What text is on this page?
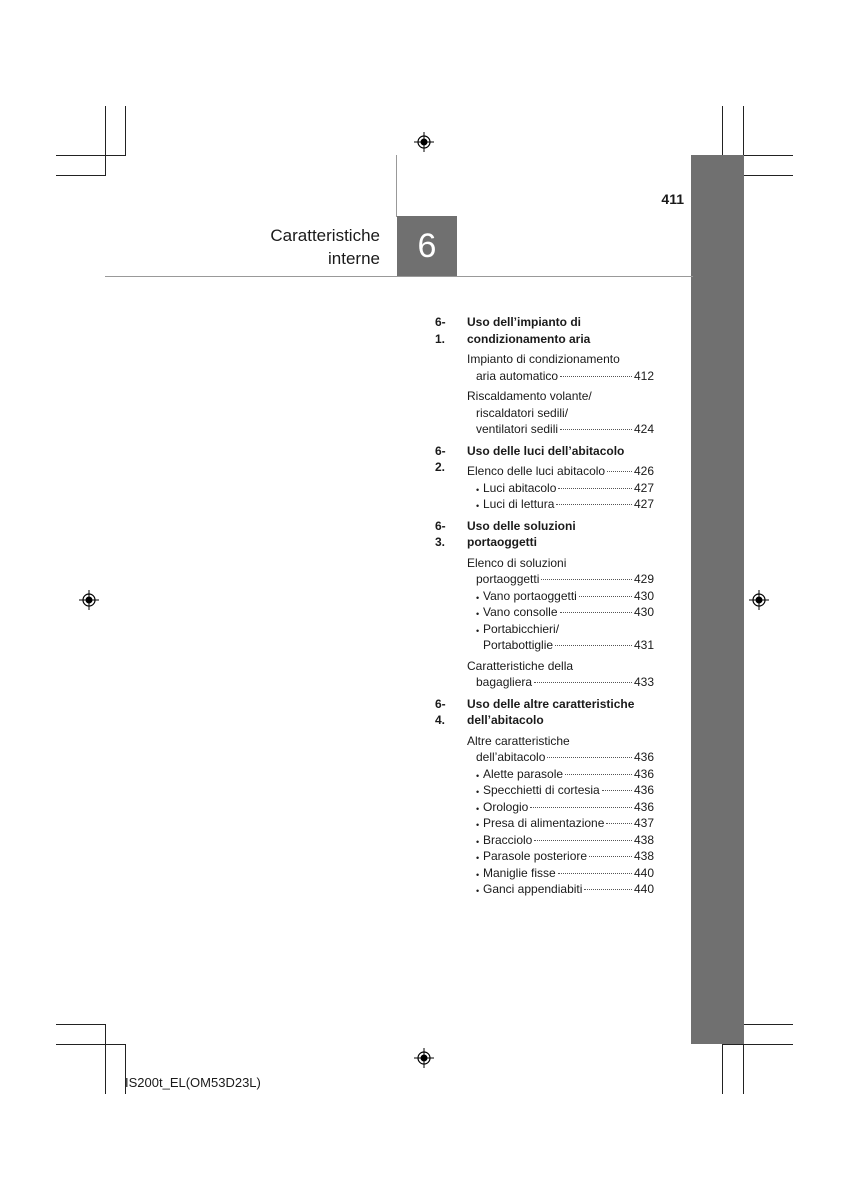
411
Caratteristiche
interne	6
6-1.
Uso dell’impianto di
condizionamento aria
Impianto di condizionamento
aria automatico	412
Riscaldamento volante/
riscaldatori sedili/
ventilatori sedili	424
6-2.
Uso delle luci dell’abitacolo
Elenco delle luci abitacolo 426
• Luci abitacolo	427
• Luci di lettura	427
6-3.
Uso delle soluzioni
portaoggetti
Elenco di soluzioni
portaoggetti	429
• Vano portaoggetti	430
• Vano consolle	430
• Portabicchieri/
Portabottiglie	431
Caratteristiche della
bagagliera	433
6-4.
Uso delle altre caratteristiche
dell’abitacolo
Altre caratteristiche
dell’abitacolo	436
• Alette parasole	436
• Specchietti di cortesia	436
• Orologio	436
• Presa di alimentazione 437
• Bracciolo	438
• Parasole posteriore	438
• Maniglie fisse	440
• Ganci appendiabiti	440
IS200t_EL(OM53D23L)
